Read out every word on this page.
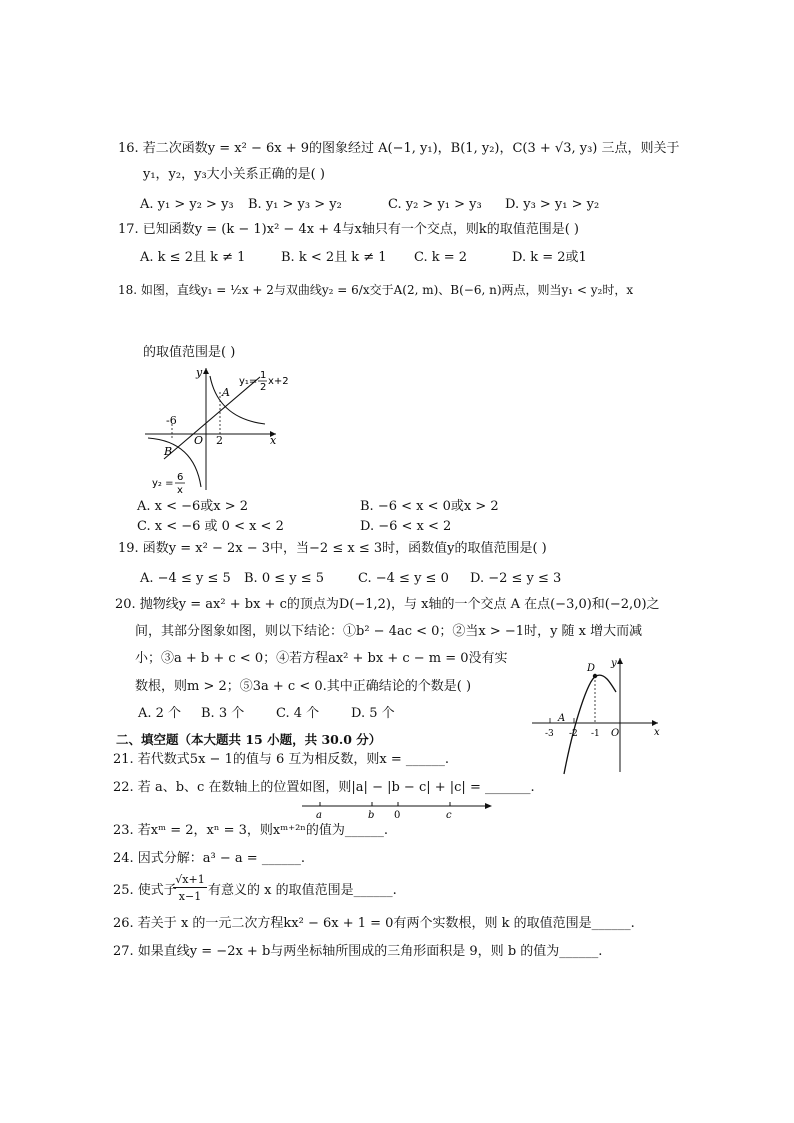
16. 若二次函数y = x² − 6x + 9的图象经过 A(−1, y₁)，B(1, y₂)，C(3 + √3, y₃) 三点，则关于
y₁，y₂，y₃大小关系正确的是( )
A. y₁ > y₂ > y₃ B. y₁ > y₃ > y₂	C. y₂ > y₁ > y₃ D. y₃ > y₁ > y₂
17. 已知函数y = (k − 1)x² − 4x + 4与x轴只有一个交点，则k的取值范围是( )
A. k ≤ 2且 k ≠ 1	B. k < 2且 k ≠ 1 C. k = 2	D. k = 2或1
18. 如图，直线y₁ = ½x + 2与双曲线y₂ = 6/x交于A(2, m)、B(−6, n)两点，则当y₁ < y₂时，x
的取值范围是( )
y
x
O 2
-6
A
B
y₁=
1
2
x+2
y₂ =
6
x
A. x < −6或x > 2	B. −6 < x < 0或x > 2
C. x < −6 或 0 < x < 2	D. −6 < x < 2
19. 函数y = x² − 2x − 3中，当−2 ≤ x ≤ 3时，函数值y的取值范围是( )
A. −4 ≤ y ≤ 5 B. 0 ≤ y ≤ 5	C. −4 ≤ y ≤ 0 D. −2 ≤ y ≤ 3
20. 抛物线y = ax² + bx + c的顶点为D(−1,2)，与 x轴的一个交点 A 在点(−3,0)和(−2,0)之
间，其部分图象如图，则以下结论：①b² − 4ac < 0；②当x > −1时，y 随 x 增大而减
小；③a + b + c < 0；④若方程ax² + bx + c − m = 0没有实
数根，则m > 2；⑤3a + c < 0.其中正确结论的个数是( )
A. 2 个 B. 3 个 C. 4 个 D. 5 个
y
x
O
D
A
-3 -2 -1
二、填空题（本大题共 15 小题，共 30.0 分）
21. 若代数式5x − 1的值与 6 互为相反数，则x = ______.
22. 若 a、b、c 在数轴上的位置如图，则|a| − |b − c| + |c| = _______.
a	b 0	c
23. 若xᵐ = 2，xⁿ = 3，则xᵐ⁺²ⁿ的值为______.
24. 因式分解：a³ − a = ______.
25. 使式子
$\frac{√x+1}{x-1}$ 有意义的 x 的取值范围是______.
26. 若关于 x 的一元二次方程kx² − 6x + 1 = 0有两个实数根，则 k 的取值范围是______.
27. 如果直线y = −2x + b与两坐标轴所围成的三角形面积是 9，则 b 的值为______.
